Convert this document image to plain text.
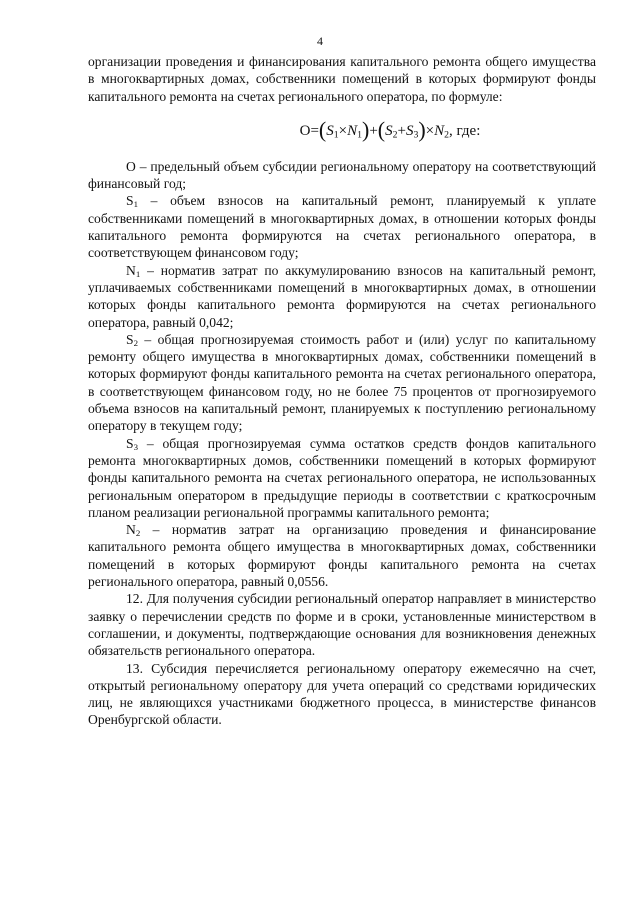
4

организации проведения и финансирования капитального ремонта общего имущества в многоквартирных домах, собственники помещений в которых формируют фонды капитального ремонта на счетах регионального оператора, по формуле:

$O=(S_1\times N_1)+(S_2+S_3)\times N_2$, где:

О – предельный объем субсидии региональному оператору на соответствующий финансовый год;

$S_1$ – объем взносов на капитальный ремонт, планируемый к уплате собственниками помещений в многоквартирных домах, в отношении которых фонды капитального ремонта формируются на счетах регионального оператора, в соответствующем финансовом году;

$N_1$ – норматив затрат по аккумулированию взносов на капитальный ремонт, уплачиваемых собственниками помещений в многоквартирных домах, в отношении которых фонды капитального ремонта формируются на счетах регионального оператора, равный 0,042;

$S_2$ – общая прогнозируемая стоимость работ и (или) услуг по капитальному ремонту общего имущества в многоквартирных домах, собственники помещений в которых формируют фонды капитального ремонта на счетах регионального оператора, в соответствующем финансовом году, но не более 75 процентов от прогнозируемого объема взносов на капитальный ремонт, планируемых к поступлению региональному оператору в текущем году;

$S_3$ – общая прогнозируемая сумма остатков средств фондов капитального ремонта многоквартирных домов, собственники помещений в которых формируют фонды капитального ремонта на счетах регионального оператора, не использованных региональным оператором в предыдущие периоды в соответствии с краткосрочным планом реализации региональной программы капитального ремонта;

$N_2$ – норматив затрат на организацию проведения и финансирование капитального ремонта общего имущества в многоквартирных домах, собственники помещений в которых формируют фонды капитального ремонта на счетах регионального оператора, равный 0,0556.

12. Для получения субсидии региональный оператор направляет в министерство заявку о перечислении средств по форме и в сроки, установленные министерством в соглашении, и документы, подтверждающие основания для возникновения денежных обязательств регионального оператора.

13. Субсидия перечисляется региональному оператору ежемесячно на счет, открытый региональному оператору для учета операций со средствами юридических лиц, не являющихся участниками бюджетного процесса, в министерстве финансов Оренбургской области.
